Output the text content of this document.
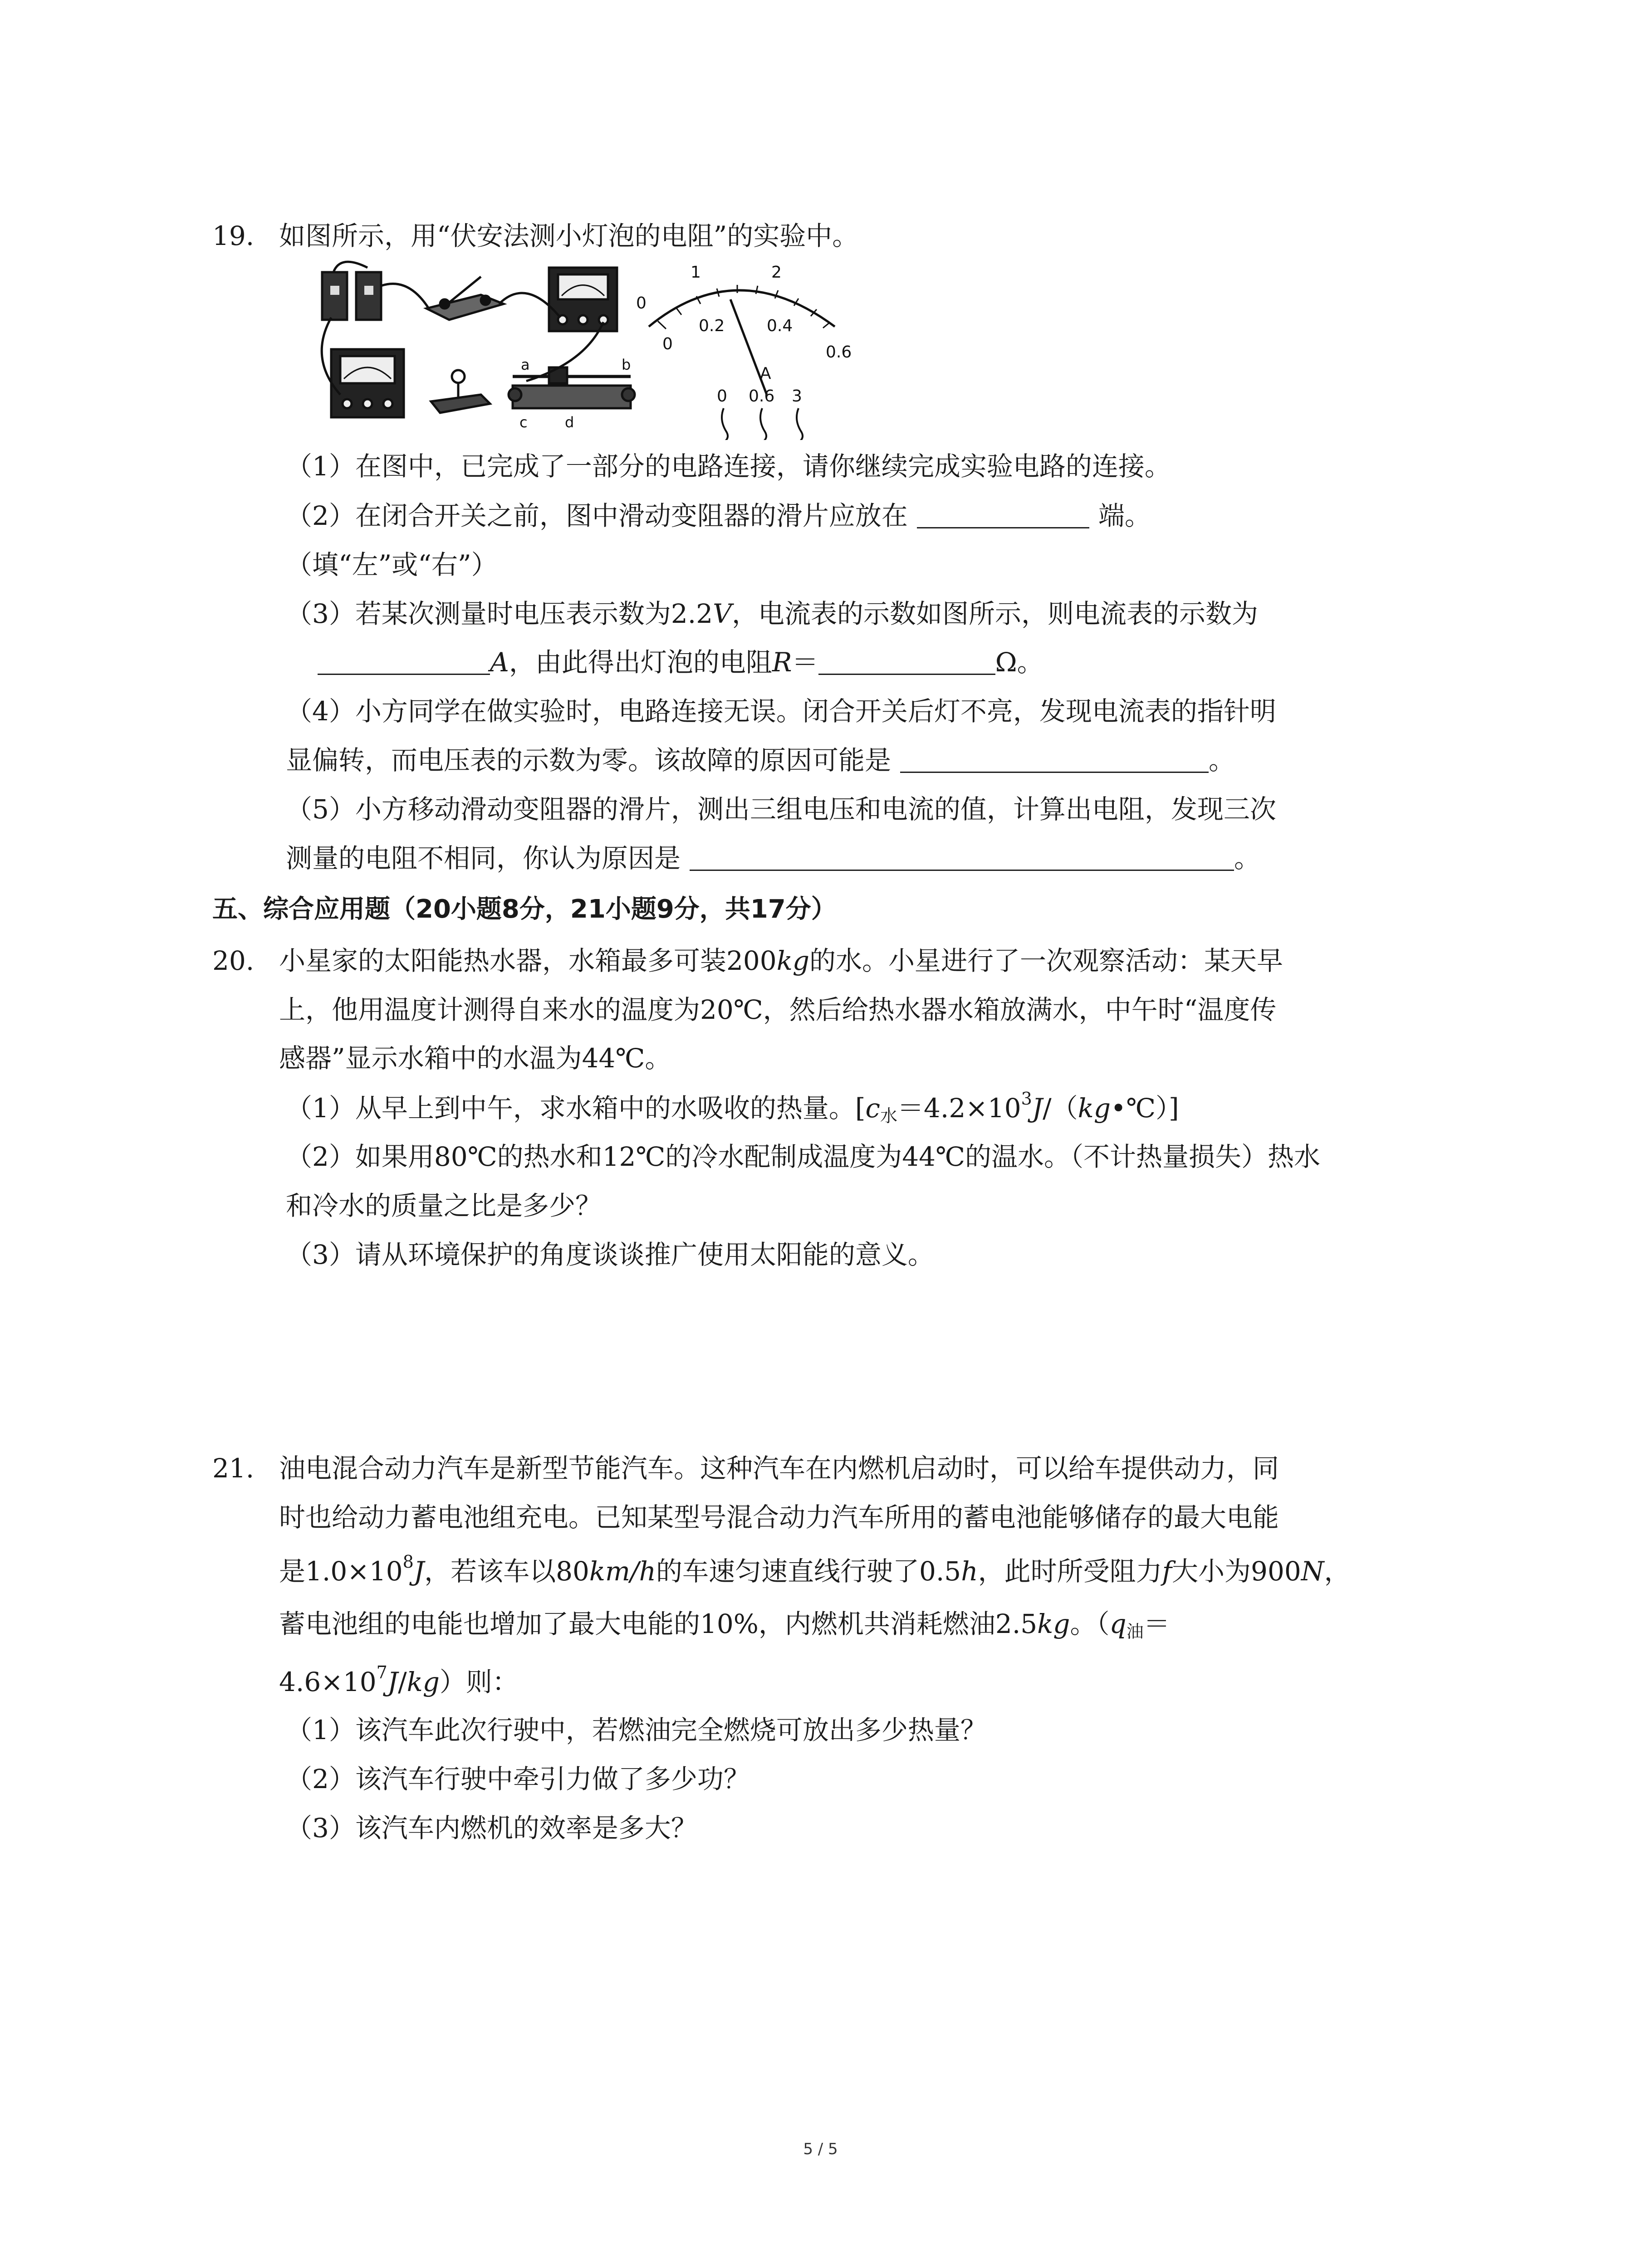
19. 如图所示，用“伏安法测小灯泡的电阻”的实验中。
a	b
c	d
0
1	2
0
0.2	0.4
0.6
A
0 0.6 3
（1）在图中，已完成了一部分的电路连接，请你继续完成实验电路的连接。
（2）在闭合开关之前，图中滑动变阻器的滑片应放在	端。
（填“左”或“右”）
（3）若某次测量时电压表示数为2.2V，电流表的示数如图所示，则电流表的示数为
A，由此得出灯泡的电阻R＝	Ω。
（4）小方同学在做实验时，电路连接无误。闭合开关后灯不亮，发现电流表的指针明
显偏转，而电压表的示数为零。该故障的原因可能是	。
（5）小方移动滑动变阻器的滑片，测出三组电压和电流的值，计算出电阻，发现三次
测量的电阻不相同，你认为原因是	。
五、综合应用题（20小题8分，21小题9分，共17分）
20. 小星家的太阳能热水器，水箱最多可装200kg的水。小星进行了一次观察活动：某天早
上，他用温度计测得自来水的温度为20℃，然后给热水器水箱放满水，中午时“温度传
感器”显示水箱中的水温为44℃。
（1）从早上到中午，求水箱中的水吸收的热量。$[c_水=4.2\times 10^3J/(kg•℃)]$
（2）如果用80℃的热水和12℃的冷水配制成温度为44℃的温水。（不计热量损失）热水
和冷水的质量之比是多少？
（3）请从环境保护的角度谈谈推广使用太阳能的意义。
21. 油电混合动力汽车是新型节能汽车。这种汽车在内燃机启动时，可以给车提供动力，同
时也给动力蓄电池组充电。已知某型号混合动力汽车所用的蓄电池能够储存的最大电能
是$1.0\times 10^8J$，若该车以80km/h的车速匀速直线行驶了0.5h，此时所受阻力f大小为900N，
蓄电池组的电能也增加了最大电能的10%，内燃机共消耗燃油2.5kg。（$q_油=$
$4.6\times 10^7J/kg$）则：
（1）该汽车此次行驶中，若燃油完全燃烧可放出多少热量？
（2）该汽车行驶中牵引力做了多少功？
（3）该汽车内燃机的效率是多大？
5 / 5
